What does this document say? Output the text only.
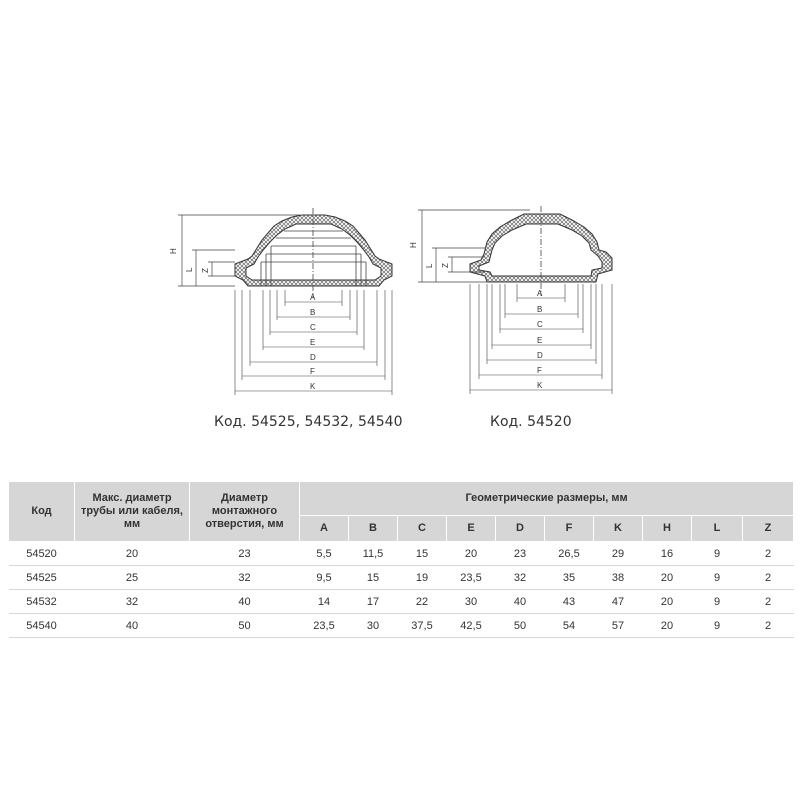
H
L Z
A
B
C
E
D
F
K
H
L Z
A
B
C
E
D
F
K
Код. 54525, 54532, 54540	Код. 54520
Код	Макс. диаметр трубы или кабеля, мм	Диаметр монтажного отверстия, мм	Геометрические размеры, мм									
			A	B	C	E	D	F	K	H	L	Z
54520	20	23	5,5	11,5	15	20	23	26,5	29	16	9	2
54525	25	32	9,5	15	19	23,5	32	35	38	20	9	2
54532	32	40	14	17	22	30	40	43	47	20	9	2
54540	40	50	23,5	30	37,5	42,5	50	54	57	20	9	2
